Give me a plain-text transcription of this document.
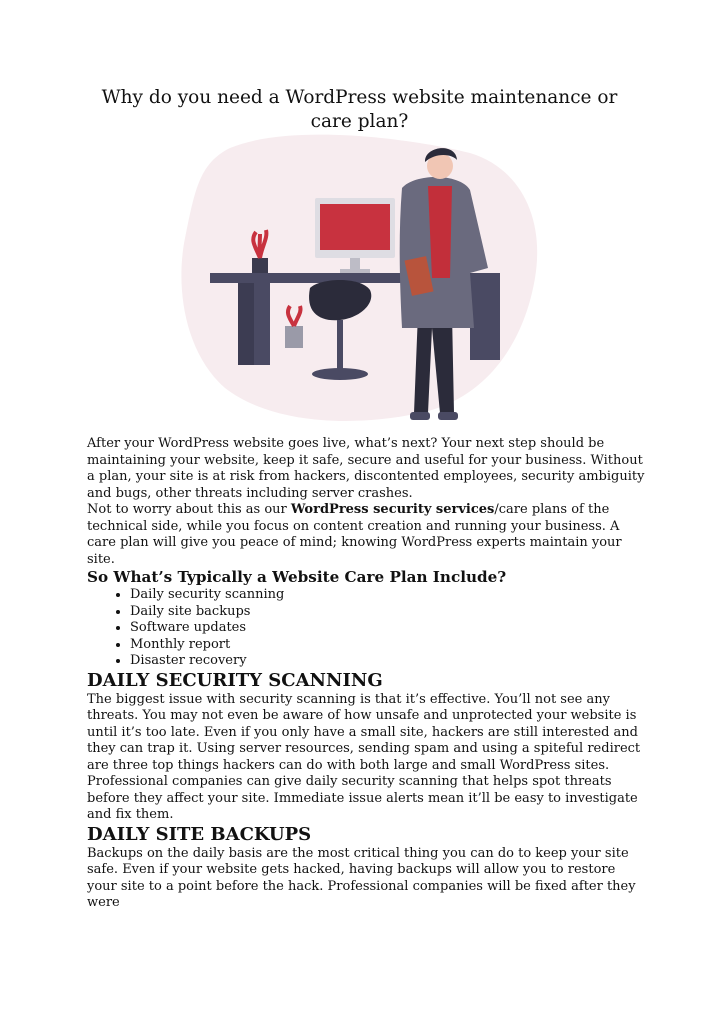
Why do you need a WordPress website maintenance or care plan?

After your WordPress website goes live, what’s next? Your next step should be maintaining your website, keep it safe, secure and useful for your business. Without a plan, your site is at risk from hackers, discontented employees, security ambiguity and bugs, other threats including server crashes.

Not to worry about this as our WordPress security services/care plans of the technical side, while you focus on content creation and running your business. A care plan will give you peace of mind; knowing WordPress experts maintain your site.

So What’s Typically a Website Care Plan Include?

• Daily security scanning
• Daily site backups
• Software updates
• Monthly report
• Disaster recovery

DAILY SECURITY SCANNING

The biggest issue with security scanning is that it’s effective. You’ll not see any threats. You may not even be aware of how unsafe and unprotected your website is until it’s too late. Even if you only have a small site, hackers are still interested and they can trap it. Using server resources, sending spam and using a spiteful redirect are three top things hackers can do with both large and small WordPress sites. Professional companies can give daily security scanning that helps spot threats before they affect your site. Immediate issue alerts mean it’ll be easy to investigate and fix them.

DAILY SITE BACKUPS

Backups on the daily basis are the most critical thing you can do to keep your site safe. Even if your website gets hacked, having backups will allow you to restore your site to a point before the hack. Professional companies will be fixed after they were
